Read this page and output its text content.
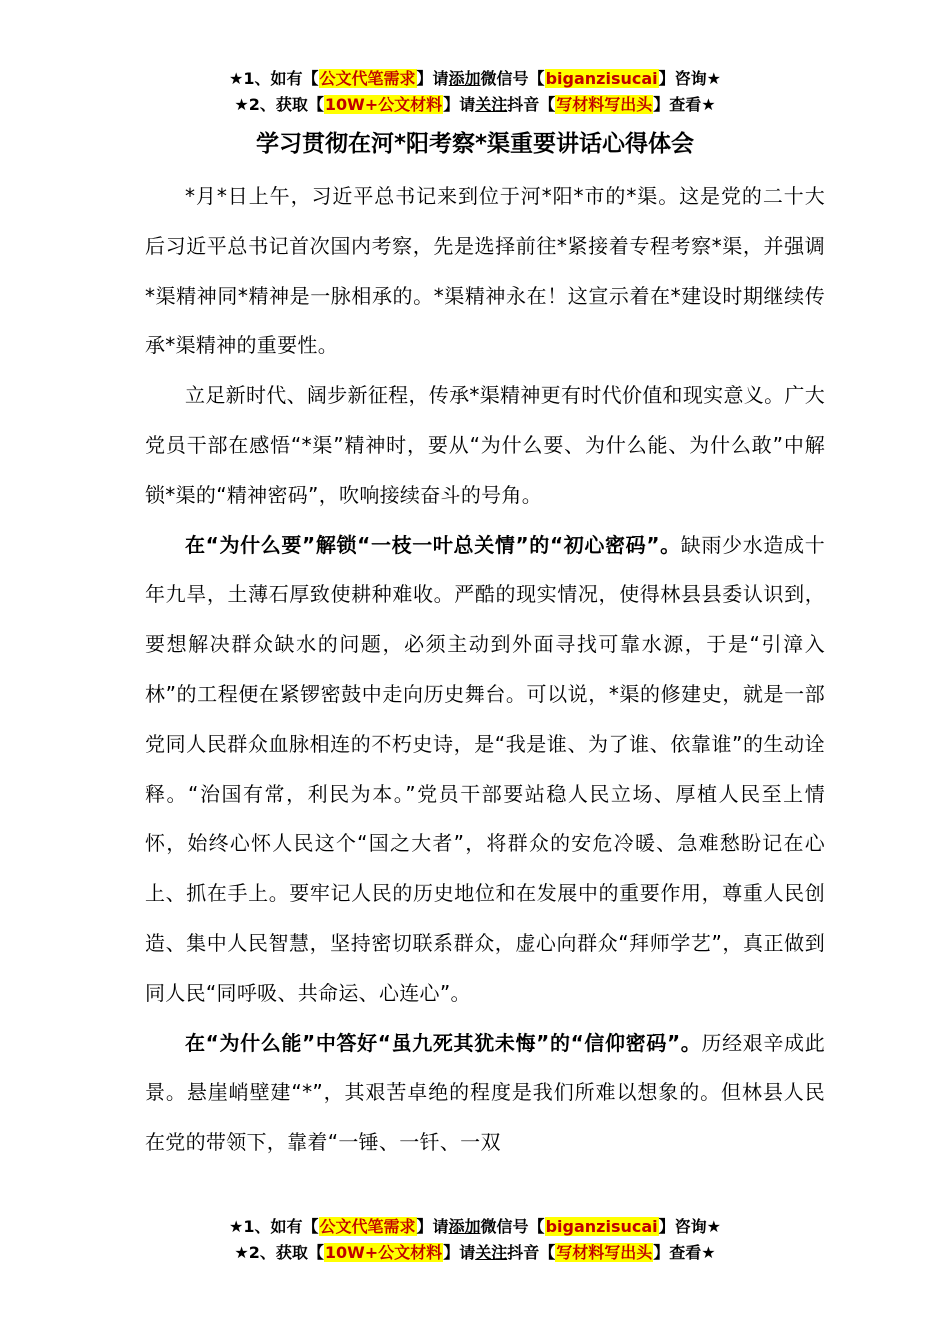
★1、如有【公文代笔需求】请添加微信号【biganzisucai】咨询★
★2、获取【10W+公文材料】请关注抖音【写材料写出头】查看★
学习贯彻在河*阳考察*渠重要讲话心得体会

*月*日上午，习近平总书记来到位于河*阳*市的*渠。这是党的二十大后习近平总书记首次国内考察，先是选择前往*紧接着专程考察*渠，并强调*渠精神同*精神是一脉相承的。*渠精神永在！这宣示着在*建设时期继续传承*渠精神的重要性。

立足新时代、阔步新征程，传承*渠精神更有时代价值和现实意义。广大党员干部在感悟“*渠”精神时，要从“为什么要、为什么能、为什么敢”中解锁*渠的“精神密码”，吹响接续奋斗的号角。

在“为什么要”解锁“一枝一叶总关情”的“初心密码”。缺雨少水造成十年九旱，土薄石厚致使耕种难收。严酷的现实情况，使得林县县委认识到，要想解决群众缺水的问题，必须主动到外面寻找可靠水源，于是“引漳入林”的工程便在紧锣密鼓中走向历史舞台。可以说，*渠的修建史，就是一部党同人民群众血脉相连的不朽史诗，是“我是谁、为了谁、依靠谁”的生动诠释。“治国有常，利民为本。”党员干部要站稳人民立场、厚植人民至上情怀，始终心怀人民这个“国之大者”，将群众的安危冷暖、急难愁盼记在心上、抓在手上。要牢记人民的历史地位和在发展中的重要作用，尊重人民创造、集中人民智慧，坚持密切联系群众，虚心向群众“拜师学艺”，真正做到同人民“同呼吸、共命运、心连心”。

在“为什么能”中答好“虽九死其犹未悔”的“信仰密码”。历经艰辛成此景。悬崖峭壁建“*”，其艰苦卓绝的程度是我们所难以想象的。但林县人民在党的带领下，靠着“一锤、一钎、一双

★1、如有【公文代笔需求】请添加微信号【biganzisucai】咨询★
★2、获取【10W+公文材料】请关注抖音【写材料写出头】查看★
